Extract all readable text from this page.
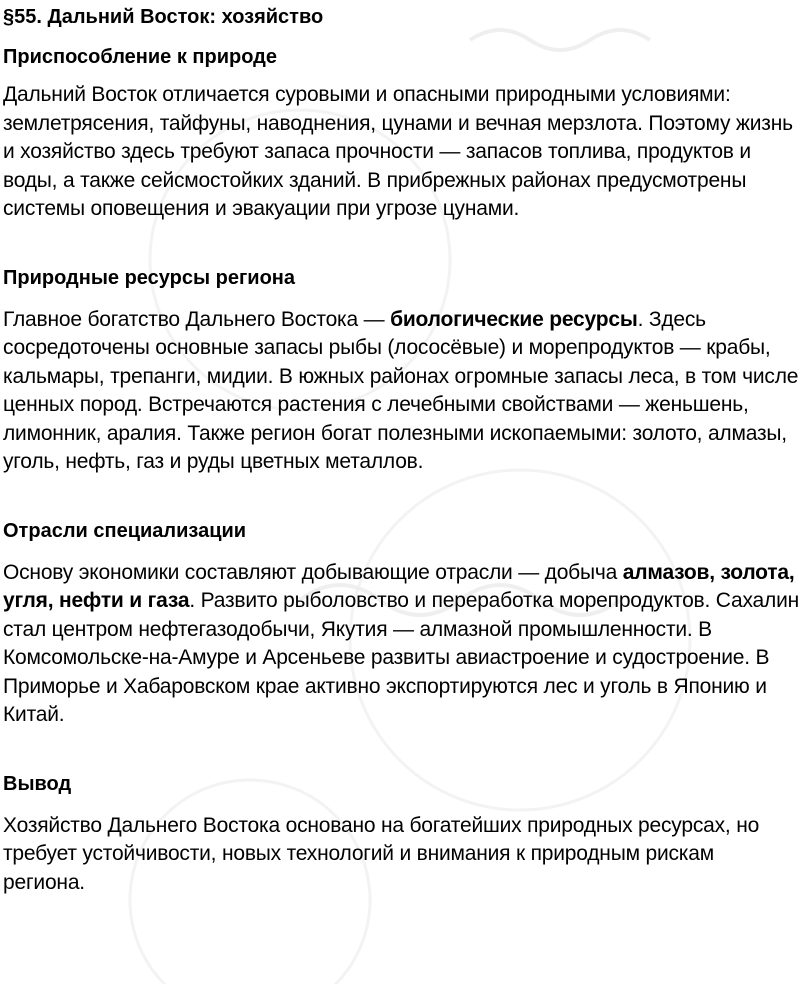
§55. Дальний Восток: хозяйство
Приспособление к природе

Дальний Восток отличается суровыми и опасными природными условиями: землетрясения, тайфуны, наводнения, цунами и вечная мерзлота. Поэтому жизнь и хозяйство здесь требуют запаса прочности — запасов топлива, продуктов и воды, а также сейсмостойких зданий. В прибрежных районах предусмотрены системы оповещения и эвакуации при угрозе цунами.

Природные ресурсы региона

Главное богатство Дальнего Востока — биологические ресурсы. Здесь сосредоточены основные запасы рыбы (лососёвые) и морепродуктов — крабы, кальмары, трепанги, мидии. В южных районах огромные запасы леса, в том числе ценных пород. Встречаются растения с лечебными свойствами — женьшень, лимонник, аралия. Также регион богат полезными ископаемыми: золото, алмазы, уголь, нефть, газ и руды цветных металлов.

Отрасли специализации

Основу экономики составляют добывающие отрасли — добыча алмазов, золота, угля, нефти и газа. Развито рыболовство и переработка морепродуктов. Сахалин стал центром нефтегазодобычи, Якутия — алмазной промышленности. В Комсомольске-на-Амуре и Арсеньеве развиты авиастроение и судостроение. В Приморье и Хабаровском крае активно экспортируются лес и уголь в Японию и Китай.

Вывод

Хозяйство Дальнего Востока основано на богатейших природных ресурсах, но требует устойчивости, новых технологий и внимания к природным рискам региона.
